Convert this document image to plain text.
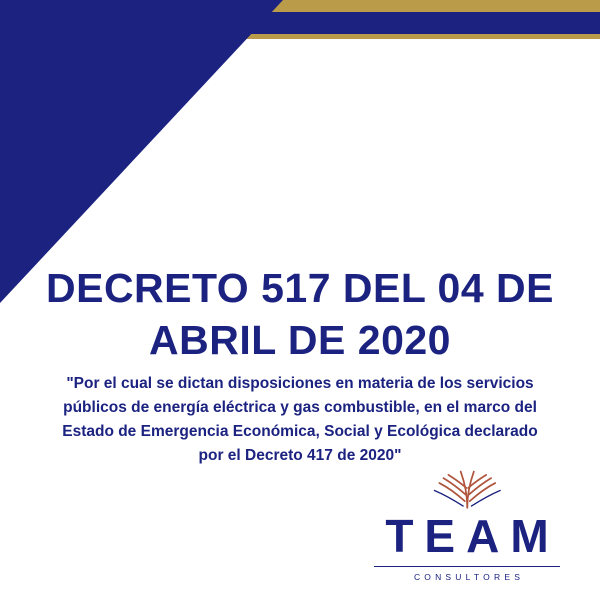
DECRETO 517 DEL 04 DE ABRIL DE 2020
"Por el cual se dictan disposiciones en materia de los servicios públicos de energía eléctrica y gas combustible, en el marco del Estado de Emergencia Económica, Social y Ecológica declarado por el Decreto 417 de 2020"
TEAM
CONSULTORES
